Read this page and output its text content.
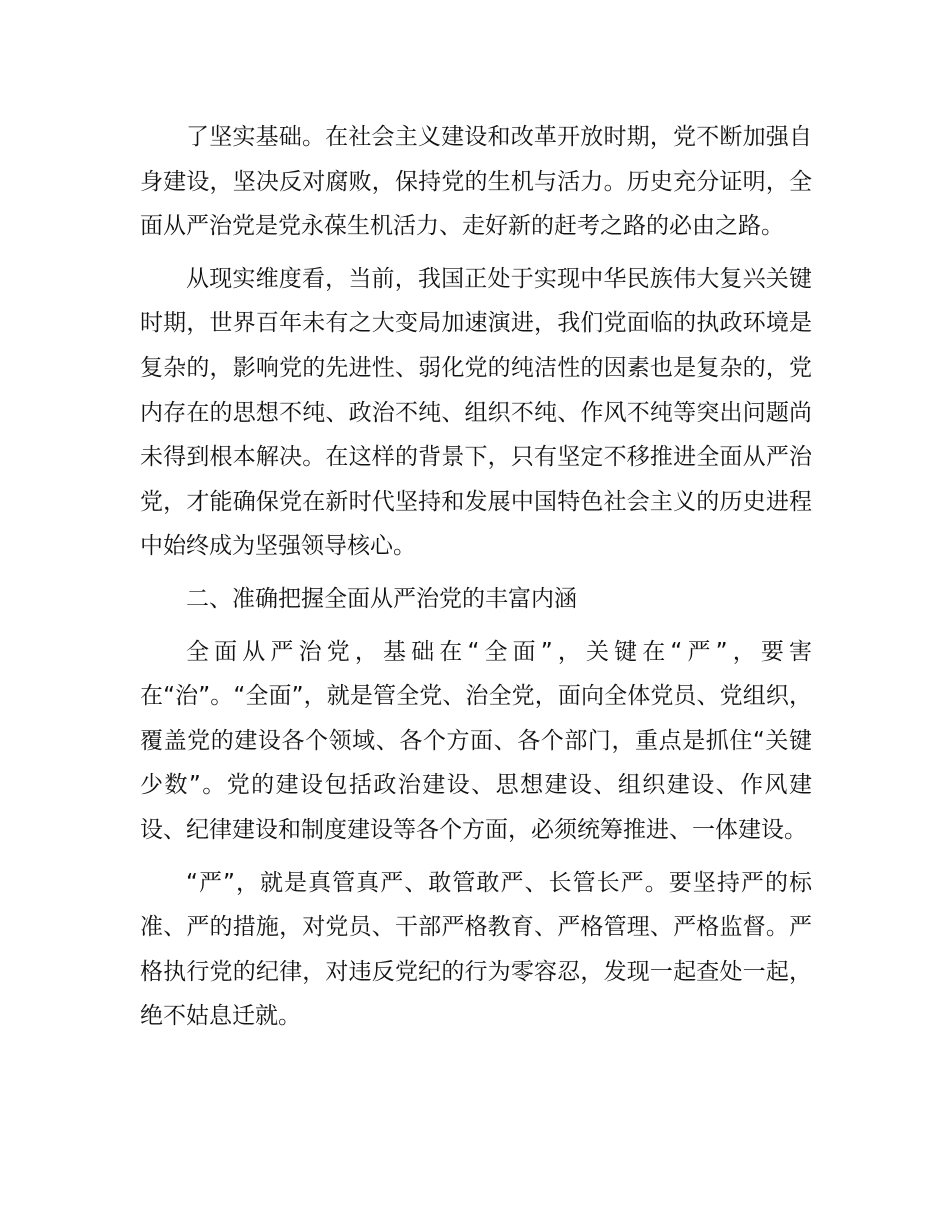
了坚实基础。在社会主义建设和改革开放时期，党不断加强自身建设，坚决反对腐败，保持党的生机与活力。历史充分证明，全面从严治党是党永葆生机活力、走好新的赶考之路的必由之路。

从现实维度看，当前，我国正处于实现中华民族伟大复兴关键时期，世界百年未有之大变局加速演进，我们党面临的执政环境是复杂的，影响党的先进性、弱化党的纯洁性的因素也是复杂的，党内存在的思想不纯、政治不纯、组织不纯、作风不纯等突出问题尚未得到根本解决。在这样的背景下，只有坚定不移推进全面从严治党，才能确保党在新时代坚持和发展中国特色社会主义的历史进程中始终成为坚强领导核心。

二、准确把握全面从严治党的丰富内涵

全面从严治党，基础在“全面”，关键在“严”，要害在“治”。“全面”，就是管全党、治全党，面向全体党员、党组织，覆盖党的建设各个领域、各个方面、各个部门，重点是抓住“关键少数”。党的建设包括政治建设、思想建设、组织建设、作风建设、纪律建设和制度建设等各个方面，必须统筹推进、一体建设。

“严”，就是真管真严、敢管敢严、长管长严。要坚持严的标准、严的措施，对党员、干部严格教育、严格管理、严格监督。严格执行党的纪律，对违反党纪的行为零容忍，发现一起查处一起，绝不姑息迁就。
